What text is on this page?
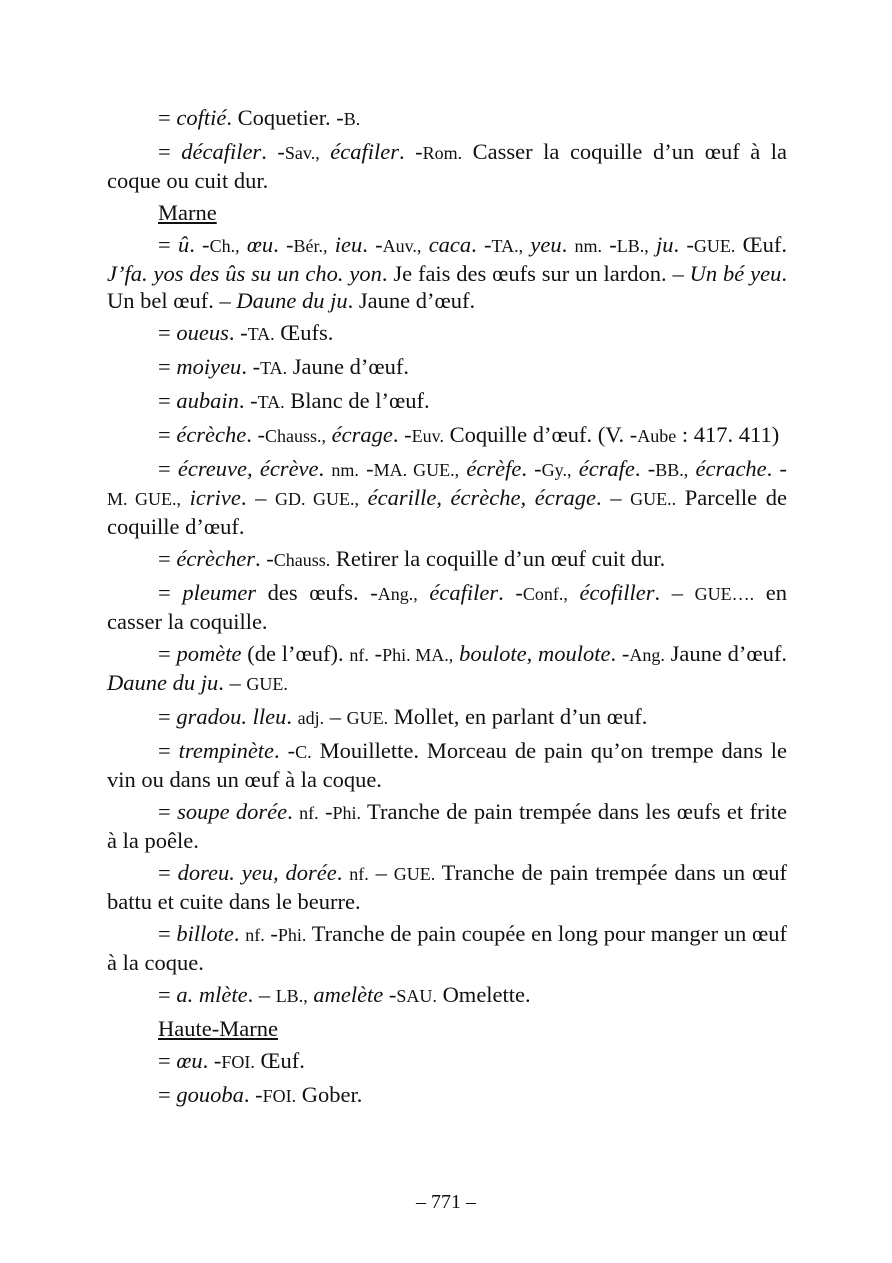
= coftié. Coquetier. -B.

= décafiler. -Sav., écafiler. -Rom. Casser la coquille d’un œuf à la coque ou cuit dur.

Marne

= û. -Ch., œu. -Bér., ieu. -Auv., caca. -TA., yeu. nm. -LB., ju. -GUE. Œuf. J’fa. yos des ûs su un cho. yon. Je fais des œufs sur un lardon. – Un bé yeu. Un bel œuf. – Daune du ju. Jaune d’œuf.

= oueus. -TA. Œufs.

= moiyeu. -TA. Jaune d’œuf.

= aubain. -TA. Blanc de l’œuf.

= écrèche. -Chauss., écrage. -Euv. Coquille d’œuf. (V. -Aube : 417. 411)

= écreuve, écrève. nm. -MA. GUE., écrèfe. -Gy., écrafe. -BB., écrache. -M. GUE., icrive. – GD. GUE., écarille, écrèche, écrage. – GUE.. Parcelle de coquille d’œuf.

= écrècher. -Chauss. Retirer la coquille d’un œuf cuit dur.

= pleumer des œufs. -Ang., écafiler. -Conf., écofiller. – GUE…. en casser la coquille.

= pomète (de l’œuf). nf. -Phi. MA., boulote, moulote. -Ang. Jaune d’œuf. Daune du ju. – GUE.

= gradou. lleu. adj. – GUE. Mollet, en parlant d’un œuf.

= trempinète. -C. Mouillette. Morceau de pain qu’on trempe dans le vin ou dans un œuf à la coque.

= soupe dorée. nf. -Phi. Tranche de pain trempée dans les œufs et frite à la poêle.

= doreu. yeu, dorée. nf. – GUE. Tranche de pain trempée dans un œuf battu et cuite dans le beurre.

= billote. nf. -Phi. Tranche de pain coupée en long pour manger un œuf à la coque.

= a. mlète. – LB., amelète -SAU. Omelette.

Haute-Marne

= œu. -FOI. Œuf.

= gouoba. -FOI. Gober.

– 771 –
